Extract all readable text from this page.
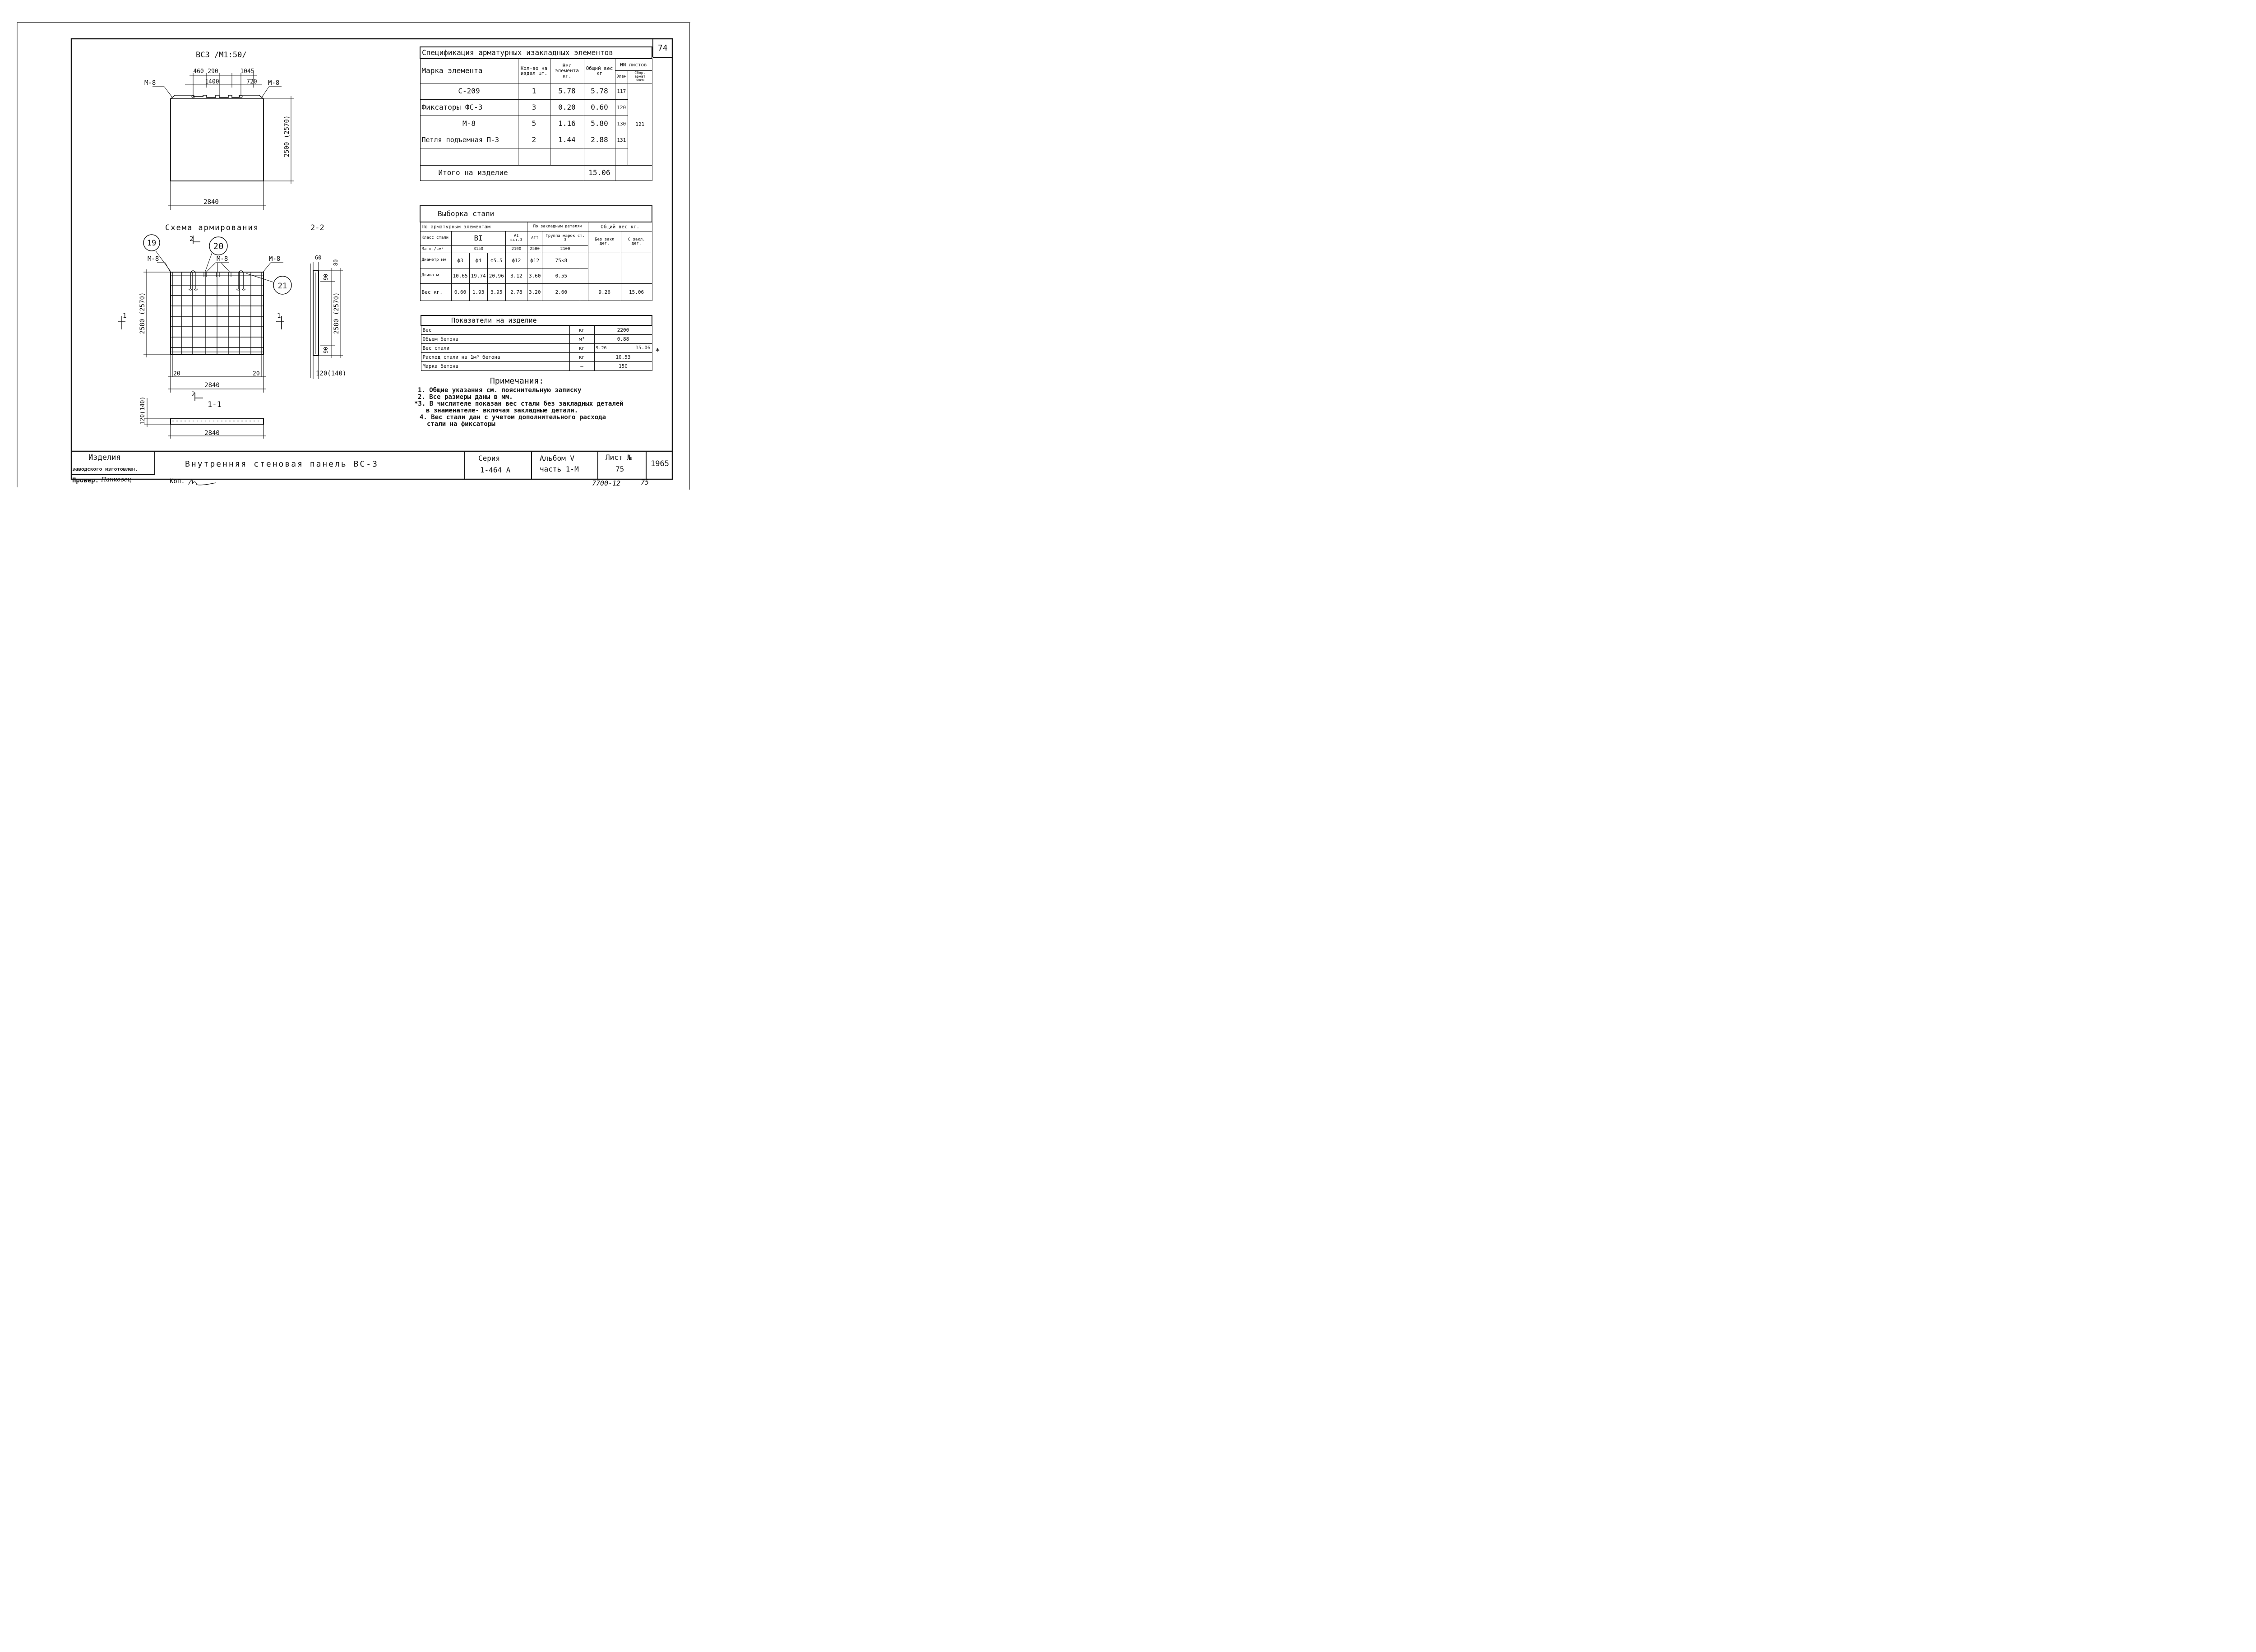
ВС3 /М1:50/
460 290	1045
1400	720
М-8	М-8
2500 (2570)
2840
Схема армирования	2-2
19	20
21
М-8	М-8	М-8
2
1	1
2
2580 (2570)
20	20
2840
60
80
90
2580 (2570)
90
120(140)
1-1
120(140)
2840
74
Спецификация арматурных изакладных элементов					
Марка элемента	Кол-во на издел шт.	Вес элемента кг.	Общий вес кг	NN листов	
				Элем	Сбор. армат элем
С-209	1	5.78	5.78	117	121
Фиксаторы ФС-3	3	0.20	0.60	120	
М-8	5	1.16	5.80	130	
Петля подъемная П-3	2	1.44	2.88	131	

Итого на изделие			15.06		
Выборка стали									
По арматурным элементам					По закладным деталям			Общий вес кг.	
Класс стали	BI			AI вст.3	AII	Группа марок ст. 3		Без закл дет.	С закл. дет.
Rа кг/см²	3150			2100	2500	2100			
Диаметр мм	ф3	ф4	ф5.5	ф12	ф12	75×8			
Длина м	10.65	19.74	20.96	3.12	3.60	0.55			
Вес кг.	0.60	1.93	3.95	2.78	3.20	2.60		9.26	15.06
Показатели на изделие		
Вес	кг	2200
Объем бетона	м³	0.88
Вес стали	кг	9.26 15.06

Расход стали на 1м³ бетона	кг	10.53
Марка бетона	–	150
*
Примечания:
1. Общие указания см. пояснительную записку
2. Все размеры даны в мм.
*3. В числителе показан вес стали без закладных деталей
в знаменателе- включая закладные детали.
4. Вес стали дан с учетом дополнительного расхода
стали на фиксаторы
Изделия
заводского изготовлен.
Внутренняя стеновая панель ВС-3
Серия
1-464 А
Альбом V
часть 1-М
Лист №
75
1965
Провер. Панковец	Коп.	7700-12	75
